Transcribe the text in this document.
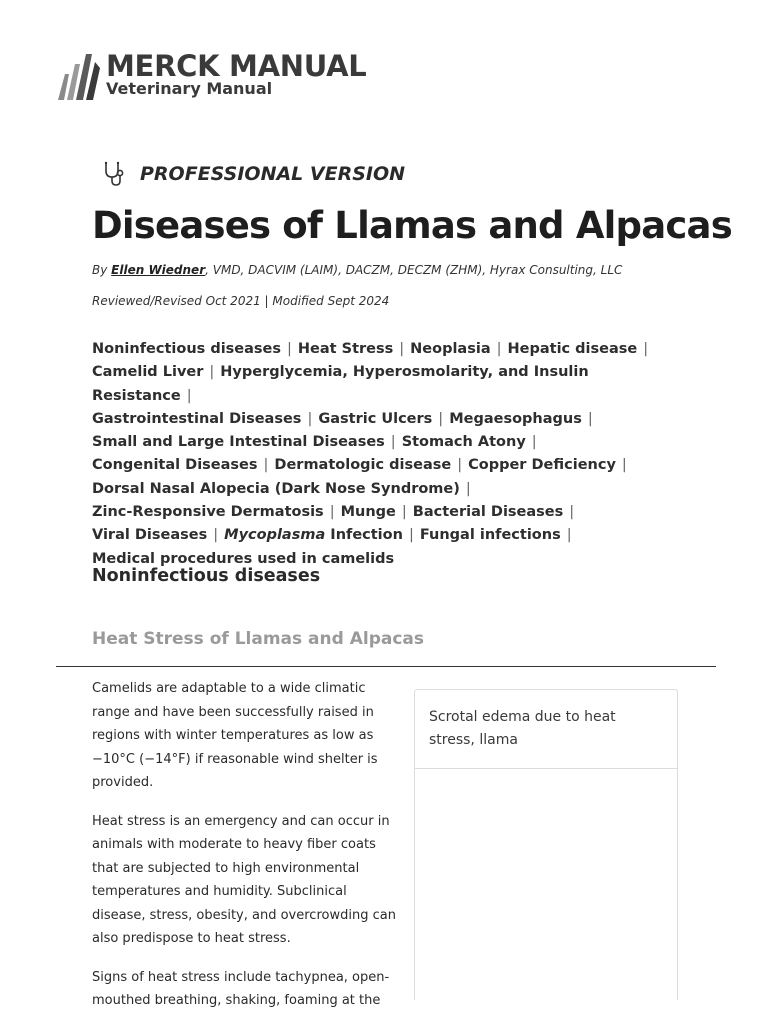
MERCK MANUAL
Veterinary Manual
PROFESSIONAL VERSION
Diseases of Llamas and Alpacas
By Ellen Wiedner, VMD, DACVIM (LAIM), DACZM, DECZM (ZHM), Hyrax Consulting, LLC
Reviewed/Revised Oct 2021 | Modified Sept 2024
Noninfectious diseases | Heat Stress | Neoplasia | Hepatic disease |
Camelid Liver | Hyperglycemia, Hyperosmolarity, and Insulin Resistance |
Gastrointestinal Diseases | Gastric Ulcers | Megaesophagus |
Small and Large Intestinal Diseases | Stomach Atony |
Congenital Diseases | Dermatologic disease | Copper Deficiency |
Dorsal Nasal Alopecia (Dark Nose Syndrome) |
Zinc-Responsive Dermatosis | Munge | Bacterial Diseases |
Viral Diseases | Mycoplasma Infection | Fungal infections |
Medical procedures used in camelids
Noninfectious diseases
Heat Stress of Llamas and Alpacas

Camelids are adaptable to a wide climatic range and have been successfully raised in regions with winter temperatures as low as −10°C (−14°F) if reasonable wind shelter is provided.

Heat stress is an emergency and can occur in animals with moderate to heavy fiber coats that are subjected to high environmental temperatures and humidity. Subclinical disease, stress, obesity, and overcrowding can also predispose to heat stress.

Signs of heat stress include tachypnea, open-mouthed breathing, shaking, foaming at the

Scrotal edema due to heat stress, llama
